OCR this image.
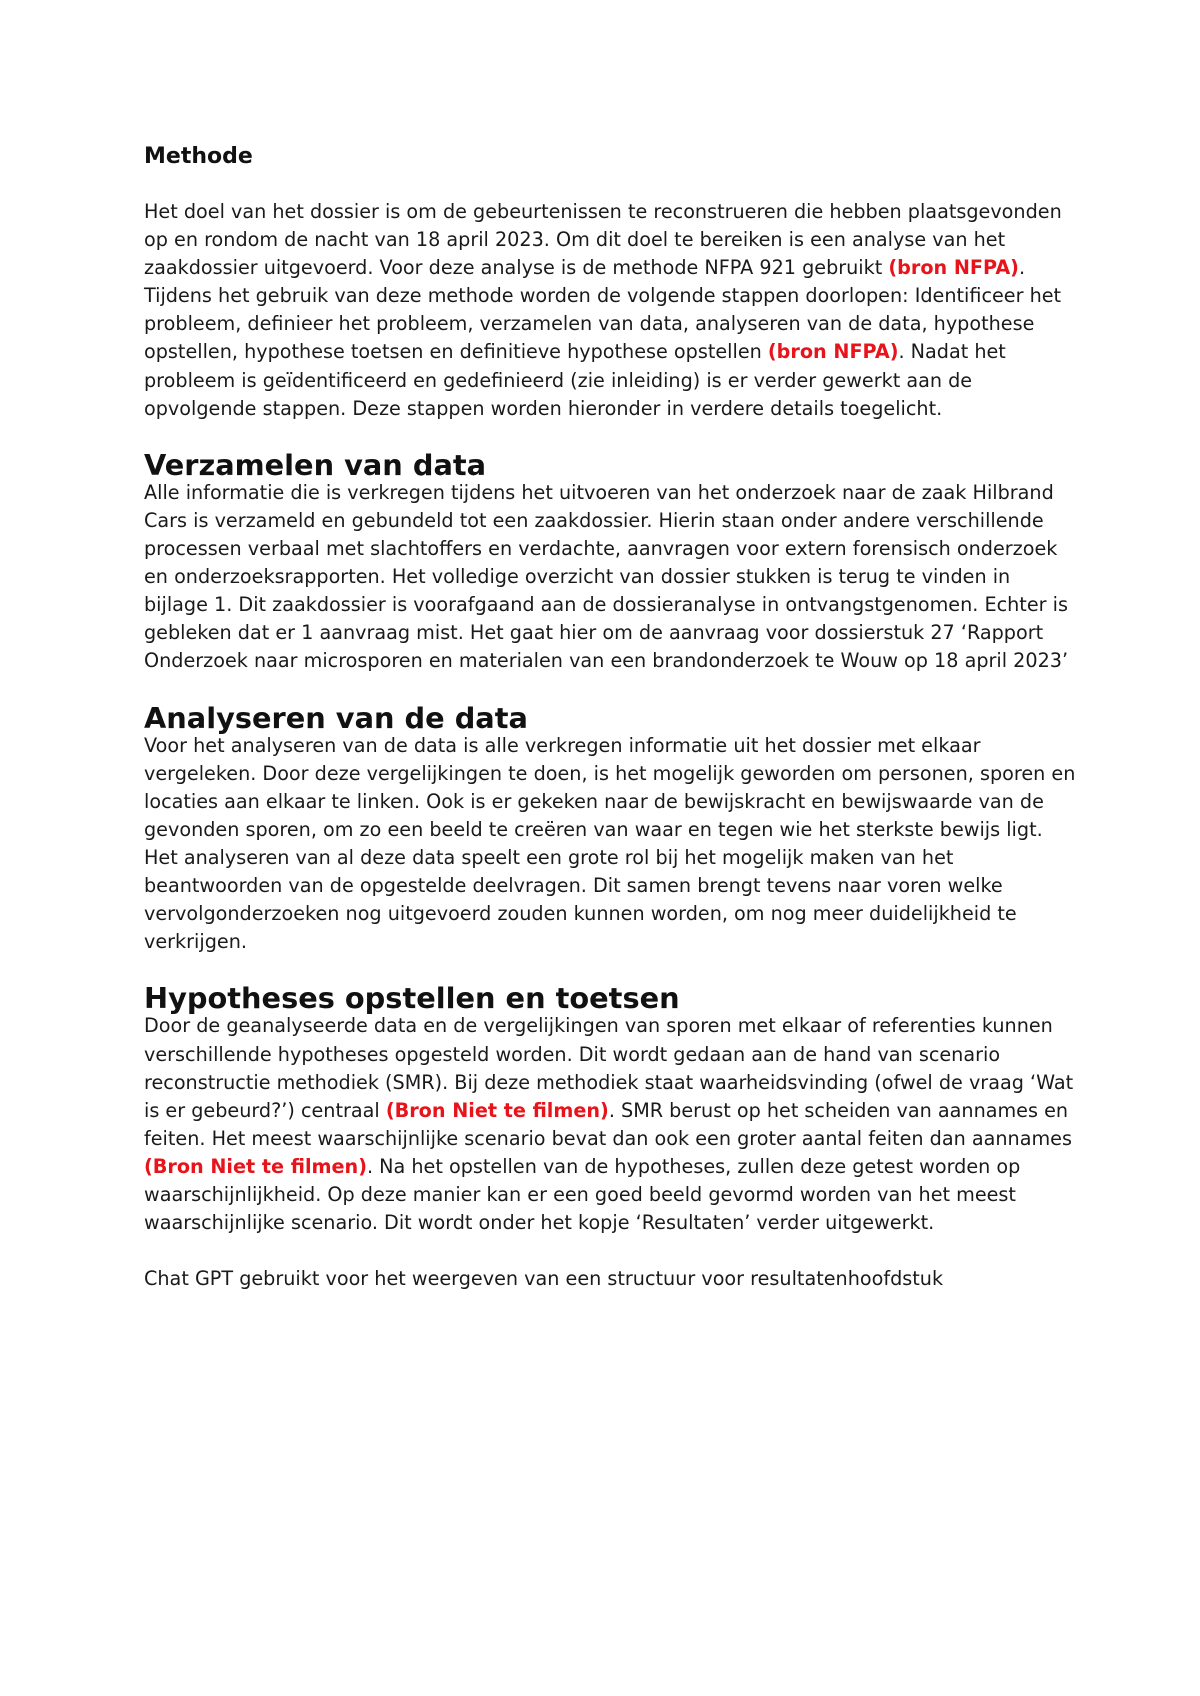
Methode

Het doel van het dossier is om de gebeurtenissen te reconstrueren die hebben plaatsgevonden op en rondom de nacht van 18 april 2023. Om dit doel te bereiken is een analyse van het zaakdossier uitgevoerd. Voor deze analyse is de methode NFPA 921 gebruikt (bron NFPA). Tijdens het gebruik van deze methode worden de volgende stappen doorlopen: Identificeer het probleem, definieer het probleem, verzamelen van data, analyseren van de data, hypothese opstellen, hypothese toetsen en definitieve hypothese opstellen (bron NFPA). Nadat het probleem is geïdentificeerd en gedefinieerd (zie inleiding) is er verder gewerkt aan de opvolgende stappen. Deze stappen worden hieronder in verdere details toegelicht.

Verzamelen van data

Alle informatie die is verkregen tijdens het uitvoeren van het onderzoek naar de zaak Hilbrand Cars is verzameld en gebundeld tot een zaakdossier. Hierin staan onder andere verschillende processen verbaal met slachtoffers en verdachte, aanvragen voor extern forensisch onderzoek en onderzoeksrapporten. Het volledige overzicht van dossier stukken is terug te vinden in bijlage 1. Dit zaakdossier is voorafgaand aan de dossieranalyse in ontvangstgenomen. Echter is gebleken dat er 1 aanvraag mist. Het gaat hier om de aanvraag voor dossierstuk 27 ‘Rapport Onderzoek naar microsporen en materialen van een brandonderzoek te Wouw op 18 april 2023’

Analyseren van de data

Voor het analyseren van de data is alle verkregen informatie uit het dossier met elkaar vergeleken. Door deze vergelijkingen te doen, is het mogelijk geworden om personen, sporen en locaties aan elkaar te linken. Ook is er gekeken naar de bewijskracht en bewijswaarde van de gevonden sporen, om zo een beeld te creëren van waar en tegen wie het sterkste bewijs ligt. Het analyseren van al deze data speelt een grote rol bij het mogelijk maken van het beantwoorden van de opgestelde deelvragen. Dit samen brengt tevens naar voren welke vervolgonderzoeken nog uitgevoerd zouden kunnen worden, om nog meer duidelijkheid te verkrijgen.

Hypotheses opstellen en toetsen

Door de geanalyseerde data en de vergelijkingen van sporen met elkaar of referenties kunnen verschillende hypotheses opgesteld worden. Dit wordt gedaan aan de hand van scenario reconstructie methodiek (SMR). Bij deze methodiek staat waarheidsvinding (ofwel de vraag ‘Wat is er gebeurd?’) centraal (Bron Niet te filmen). SMR berust op het scheiden van aannames en feiten. Het meest waarschijnlijke scenario bevat dan ook een groter aantal feiten dan aannames (Bron Niet te filmen). Na het opstellen van de hypotheses, zullen deze getest worden op waarschijnlijkheid. Op deze manier kan er een goed beeld gevormd worden van het meest waarschijnlijke scenario. Dit wordt onder het kopje ‘Resultaten’ verder uitgewerkt.

Chat GPT gebruikt voor het weergeven van een structuur voor resultatenhoofdstuk
